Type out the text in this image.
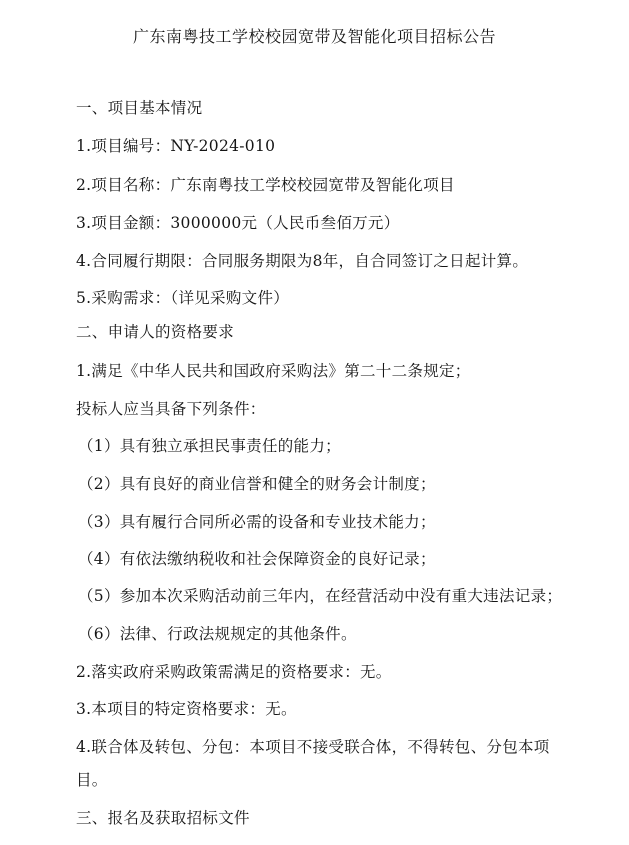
广东南粤技工学校校园宽带及智能化项目招标公告
一、项目基本情况
1.项目编号：NY-2024-010
2.项目名称：广东南粤技工学校校园宽带及智能化项目
3.项目金额：3000000元（人民币叁佰万元）
4.合同履行期限：合同服务期限为8年，自合同签订之日起计算。
5.采购需求：（详见采购文件）
二、申请人的资格要求
1.满足《中华人民共和国政府采购法》第二十二条规定；
投标人应当具备下列条件：
（1）具有独立承担民事责任的能力；
（2）具有良好的商业信誉和健全的财务会计制度；
（3）具有履行合同所必需的设备和专业技术能力；
（4）有依法缴纳税收和社会保障资金的良好记录；
（5）参加本次采购活动前三年内，在经营活动中没有重大违法记录；
（6）法律、行政法规规定的其他条件。
2.落实政府采购政策需满足的资格要求：无。
3.本项目的特定资格要求：无。
4.联合体及转包、分包：本项目不接受联合体，不得转包、分包本项
目。
三、报名及获取招标文件
